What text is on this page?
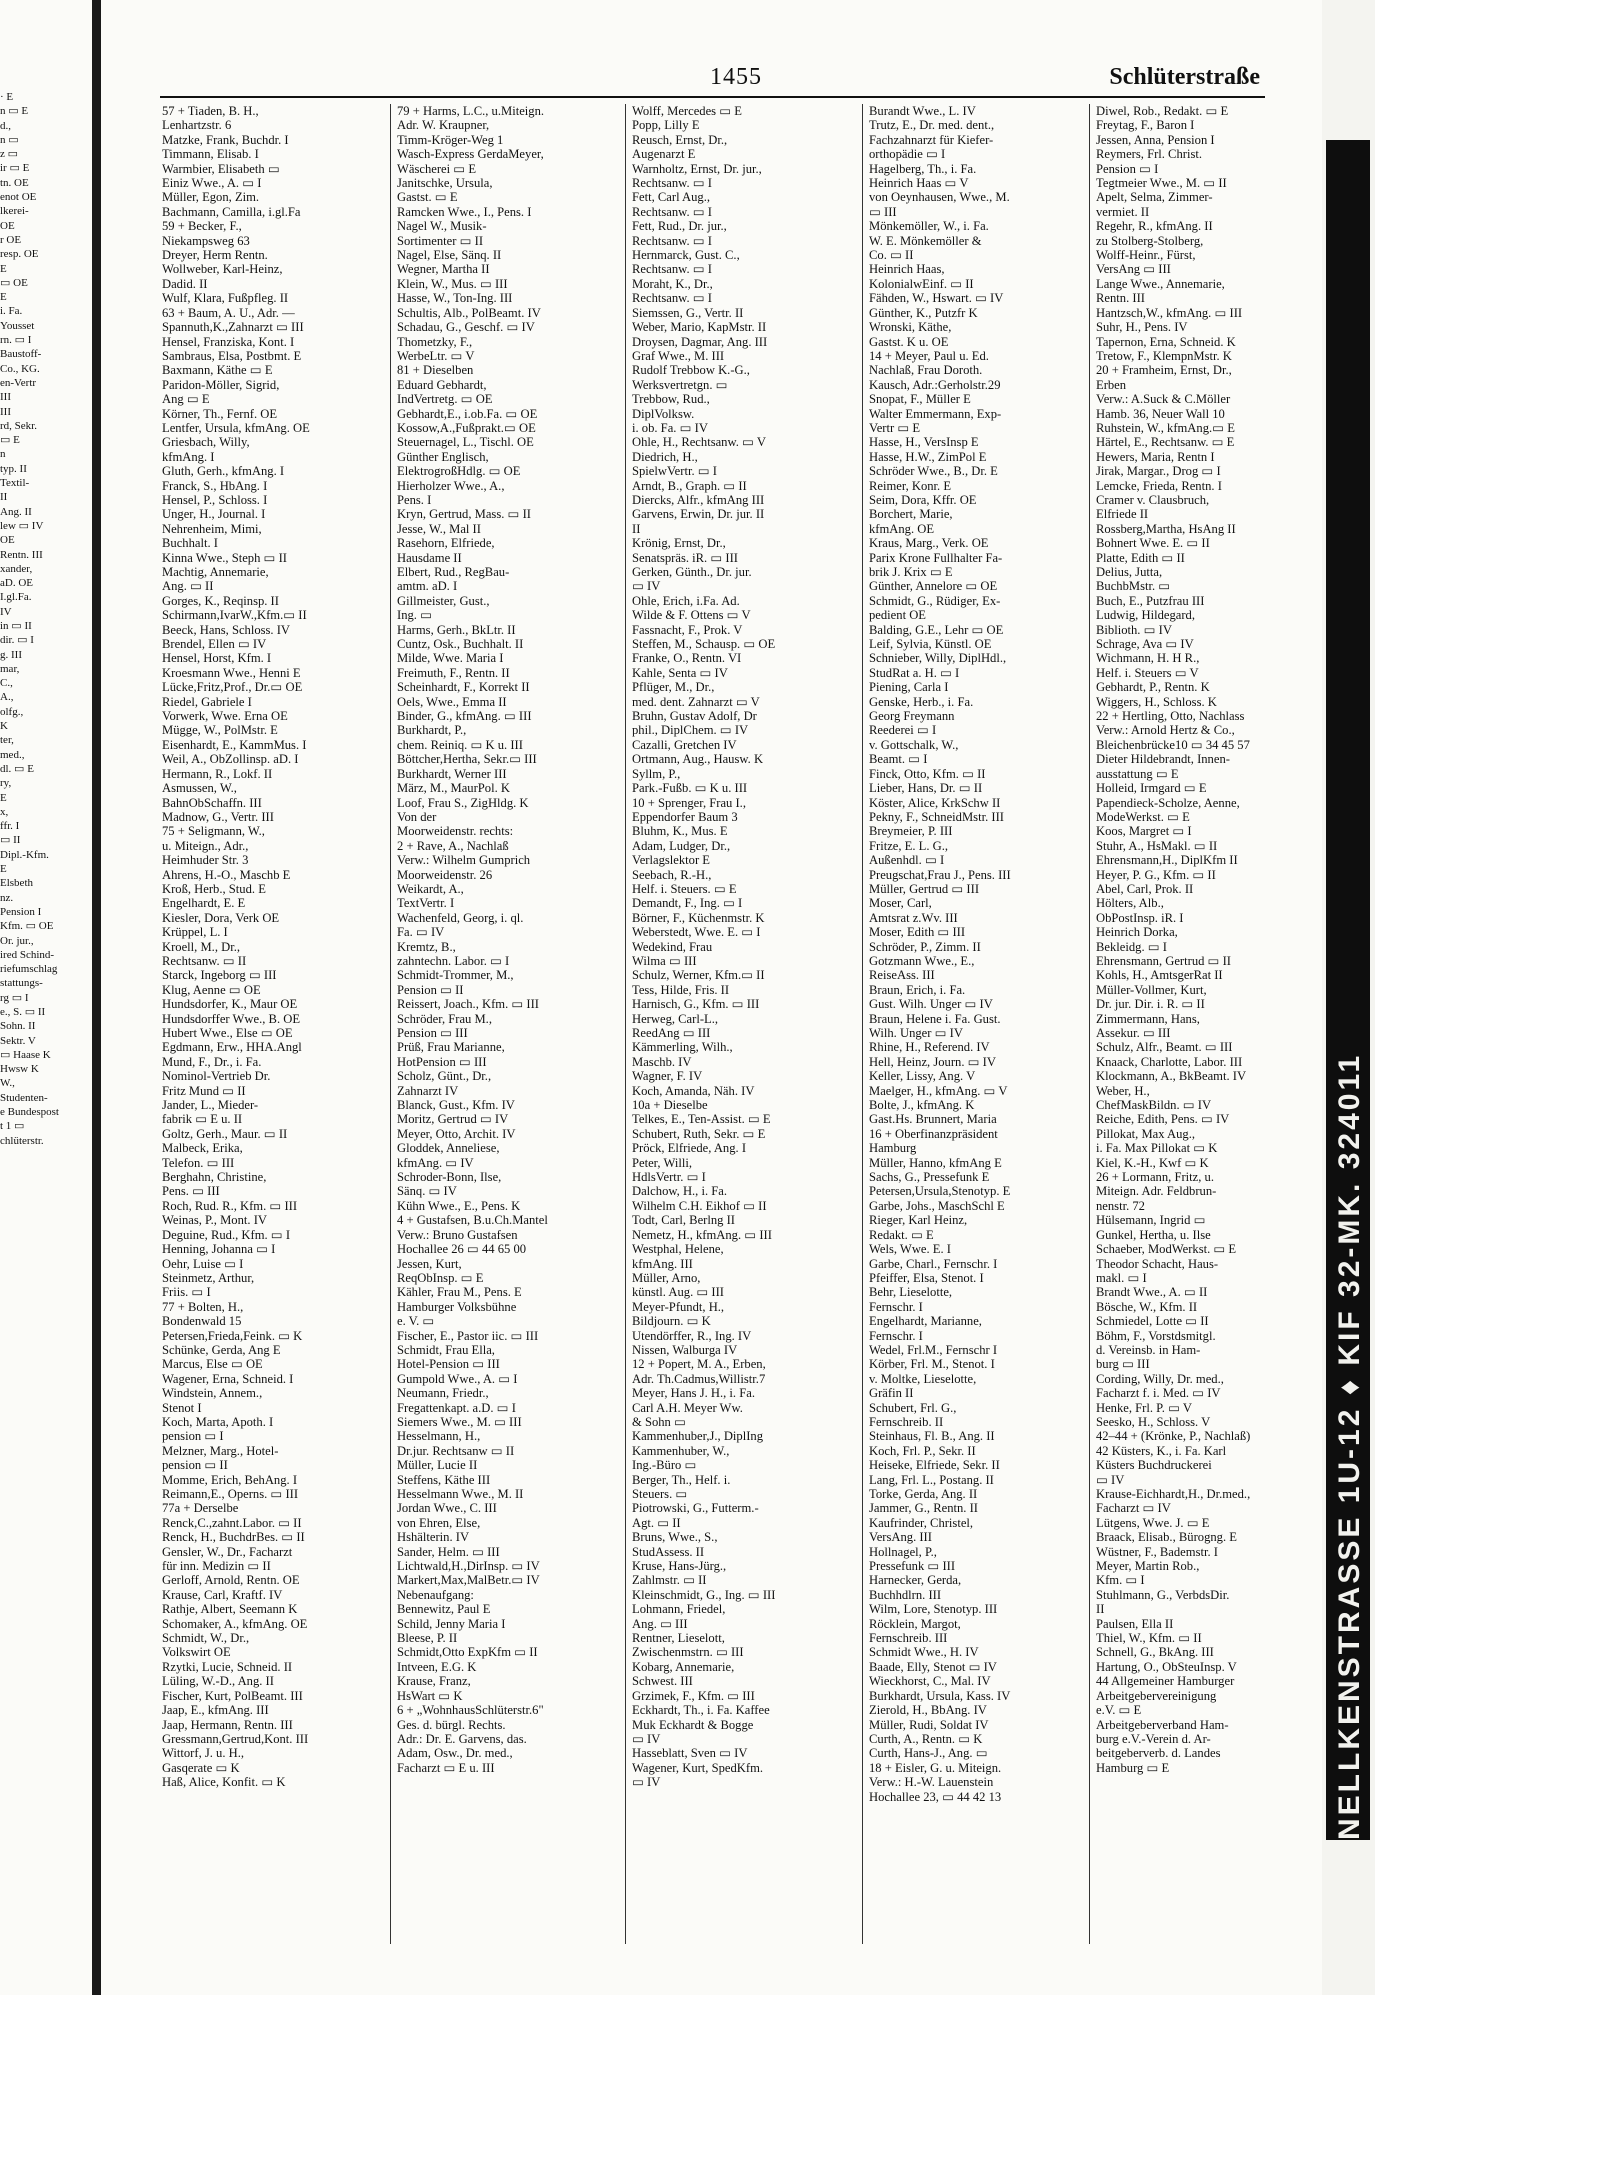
· E
n ▭ E
d.,
n ▭
z ▭
ir ▭ E
tn. OE
enot OE
lkerei-
OE
r OE
resp. OE
E
▭ OE
E
i. Fa.
Yousset
rn. ▭ I
Baustoff-
Co., KG.
en-Vertr
III
III
rd, Sekr.
▭ E
n
typ. II
Textil-
II
Ang. II
lew ▭ IV
OE
Rentn. III
xander,
aD. OE
I.gl.Fa.
IV
in ▭ II
dir. ▭ I
g. III
mar,
C.,
A.,
olfg.,
K
ter,
med.,
dl. ▭ E
ry,
E
x,
ffr. I
▭ II
Dipl.-Kfm.
E
Elsbeth
nz.
Pension I
Kfm. ▭ OE
Or. jur.,
ired Schind-
riefumschlag
stattungs-
rg ▭ I
e., S. ▭ II
Sohn. II
Sektr. V
▭ Haase K
Hwsw K
W.,
Studenten-
e Bundespost
t 1 ▭
chlüterstr.
1455	Schlüterstraße
57 + Tiaden, B. H.,
Lenhartzstr. 6
Matzke, Frank, Buchdr. I
Timmann, Elisab. I
Warmbier, Elisabeth ▭
Einiz Wwe., A. ▭ I
Müller, Egon, Zim.
Bachmann, Camilla, i.gl.Fa
59 + Becker, F.,
Niekampsweg 63
Dreyer, Herm Rentn.
Wollweber, Karl-Heinz,
Dadid. II
Wulf, Klara, Fußpfleg. II
63 + Baum, A. U., Adr. —
Spannuth,K.,Zahnarzt ▭ III
Hensel, Franziska, Kont. I
Sambraus, Elsa, Postbmt. E
Baxmann, Käthe ▭ E
Paridon-Möller, Sigrid,
Ang ▭ E
Körner, Th., Fernf. OE
Lentfer, Ursula, kfmAng. OE
Griesbach, Willy,
kfmAng. I
Gluth, Gerh., kfmAng. I
Franck, S., HbAng. I
Hensel, P., Schloss. I
Unger, H., Journal. I
Nehrenheim, Mimi,
Buchhalt. I
Kinna Wwe., Steph ▭ II
Machtig, Annemarie,
Ang. ▭ II
Gorges, K., Reqinsp. II
Schirmann,IvarW.,Kfm.▭ II
Beeck, Hans, Schloss. IV
Brendel, Ellen ▭ IV
Hensel, Horst, Kfm. I
Kroesmann Wwe., Henni E
Lücke,Fritz,Prof., Dr.▭ OE
Riedel, Gabriele I
Vorwerk, Wwe. Erna OE
Mügge, W., PolMstr. E
Eisenhardt, E., KammMus. I
Weil, A., ObZollinsp. aD. I
Hermann, R., Lokf. II
Asmussen, W.,
BahnObSchaffn. III
Madnow, G., Vertr. III
75 + Seligmann, W.,
u. Miteign., Adr.,
Heimhuder Str. 3
Ahrens, H.-O., Maschb E
Kroß, Herb., Stud. E
Engelhardt, E. E
Kiesler, Dora, Verk OE
Krüppel, L. I
Kroell, M., Dr.,
Rechtsanw. ▭ II
Starck, Ingeborg ▭ III
Klug, Aenne ▭ OE
Hundsdorfer, K., Maur OE
Hundsdorffer Wwe., B. OE
Hubert Wwe., Else ▭ OE
Egdmann, Erw., HHA.Angl
Mund, F., Dr., i. Fa.
Nominol-Vertrieb Dr.
Fritz Mund ▭ II
Jander, L., Mieder-
fabrik ▭ E u. II
Goltz, Gerh., Maur. ▭ II
Malbeck, Erika,
Telefon. ▭ III
Berghahn, Christine,
Pens. ▭ III
Roch, Rud. R., Kfm. ▭ III
Weinas, P., Mont. IV
Deguine, Rud., Kfm. ▭ I
Henning, Johanna ▭ I
Oehr, Luise ▭ I
Steinmetz, Arthur,
Friis. ▭ I
77 + Bolten, H.,
Bondenwald 15
Petersen,Frieda,Feink. ▭ K
Schünke, Gerda, Ang E
Marcus, Else ▭ OE
Wagener, Erna, Schneid. I
Windstein, Annem.,
Stenot I
Koch, Marta, Apoth. I
pension ▭ I
Melzner, Marg., Hotel-
pension ▭ II
Momme, Erich, BehAng. I
Reimann,E., Operns. ▭ III
77a + Derselbe
Renck,C.,zahnt.Labor. ▭ II
Renck, H., BuchdrBes. ▭ II
Gensler, W., Dr., Facharzt
für inn. Medizin ▭ II
Gerloff, Arnold, Rentn. OE
Krause, Carl, Kraftf. IV
Rathje, Albert, Seemann K
Schomaker, A., kfmAng. OE
Schmidt, W., Dr.,
Volkswirt OE
Rzytki, Lucie, Schneid. II
Lüling, W.-D., Ang. II
Fischer, Kurt, PolBeamt. III
Jaap, E., kfmAng. III
Jaap, Hermann, Rentn. III
Gressmann,Gertrud,Kont. III
Wittorf, J. u. H.,
Gasqerate ▭ K
Haß, Alice, Konfit. ▭ K
79 + Harms, L.C., u.Miteign.
Adr. W. Kraupner,
Timm-Kröger-Weg 1
Wasch-Express GerdaMeyer,
Wäscherei ▭ E
Janitschke, Ursula,
Gastst. ▭ E
Ramcken Wwe., I., Pens. I
Nagel W., Musik-
Sortimenter ▭ II
Nagel, Else, Sänq. II
Wegner, Martha II
Klein, W., Mus. ▭ III
Hasse, W., Ton-Ing. III
Schultis, Alb., PolBeamt. IV
Schadau, G., Geschf. ▭ IV
Thometzky, F.,
WerbeLtr. ▭ V
81 + Dieselben
Eduard Gebhardt,
IndVertretg. ▭ OE
Gebhardt,E., i.ob.Fa. ▭ OE
Kossow,A.,Fußprakt.▭ OE
Steuernagel, L., Tischl. OE
Günther Englisch,
ElektrogroßHdlg. ▭ OE
Hierholzer Wwe., A.,
Pens. I
Kryn, Gertrud, Mass. ▭ II
Jesse, W., Mal II
Rasehorn, Elfriede,
Hausdame II
Elbert, Rud., RegBau-
amtm. aD. I
Gillmeister, Gust.,
Ing. ▭
Harms, Gerh., BkLtr. II
Cuntz, Osk., Buchhalt. II
Milde, Wwe. Maria I
Freimuth, F., Rentn. II
Scheinhardt, F., Korrekt II
Oels, Wwe., Emma II
Binder, G., kfmAng. ▭ III
Burkhardt, P.,
chem. Reiniq. ▭ K u. III
Böttcher,Hertha, Sekr.▭ III
Burkhardt, Werner III
März, M., MaurPol. K
Loof, Frau S., ZigHldg. K
Von der
Moorweidenstr. rechts:
2 + Rave, A., Nachlaß
Verw.: Wilhelm Gumprich
Moorweidenstr. 26
Weikardt, A.,
TextVertr. I
Wachenfeld, Georg, i. ql.
Fa. ▭ IV
Kremtz, B.,
zahntechn. Labor. ▭ I
Schmidt-Trommer, M.,
Pension ▭ II
Reissert, Joach., Kfm. ▭ III
Schröder, Frau M.,
Pension ▭ III
Prüß, Frau Marianne,
HotPension ▭ III
Scholz, Günt., Dr.,
Zahnarzt IV
Blanck, Gust., Kfm. IV
Moritz, Gertrud ▭ IV
Meyer, Otto, Archit. IV
Gloddek, Anneliese,
kfmAng. ▭ IV
Schroder-Bonn, Ilse,
Sänq. ▭ IV
Kühn Wwe., E., Pens. K
4 + Gustafsen, B.u.Ch.Mantel
Verw.: Bruno Gustafsen
Hochallee 26 ▭ 44 65 00
Jessen, Kurt,
ReqObInsp. ▭ E
Kähler, Frau M., Pens. E
Hamburger Volksbühne
e. V. ▭
Fischer, E., Pastor iic. ▭ III
Schmidt, Frau Ella,
Hotel-Pension ▭ III
Gumpold Wwe., A. ▭ I
Neumann, Friedr.,
Fregattenkapt. a.D. ▭ I
Siemers Wwe., M. ▭ III
Hesselmann, H.,
Dr.jur. Rechtsanw ▭ II
Müller, Lucie II
Steffens, Käthe III
Hesselmann Wwe., M. II
Jordan Wwe., C. III
von Ehren, Else,
Hshälterin. IV
Sander, Helm. ▭ III
Lichtwald,H.,DirInsp. ▭ IV
Markert,Max,MalBetr.▭ IV
Nebenaufgang:
Bennewitz, Paul E
Schild, Jenny Maria I
Bleese, P. II
Schmidt,Otto ExpKfm ▭ II
Intveen, E.G. K
Krause, Franz,
HsWart ▭ K
6 + „WohnhausSchlüterstr.6"
Ges. d. bürgl. Rechts.
Adr.: Dr. E. Garvens, das.
Adam, Osw., Dr. med.,
Facharzt ▭ E u. III
Wolff, Mercedes ▭ E
Popp, Lilly E
Reusch, Ernst, Dr.,
Augenarzt E
Warnholtz, Ernst, Dr. jur.,
Rechtsanw. ▭ I
Fett, Carl Aug.,
Rechtsanw. ▭ I
Fett, Rud., Dr. jur.,
Rechtsanw. ▭ I
Hernmarck, Gust. C.,
Rechtsanw. ▭ I
Moraht, K., Dr.,
Rechtsanw. ▭ I
Siemssen, G., Vertr. II
Weber, Mario, KapMstr. II
Droysen, Dagmar, Ang. III
Graf Wwe., M. III
Rudolf Trebbow K.-G.,
Werksvertretgn. ▭
Trebbow, Rud.,
DiplVolksw.
i. ob. Fa. ▭ IV
Ohle, H., Rechtsanw. ▭ V
Diedrich, H.,
SpielwVertr. ▭ I
Arndt, B., Graph. ▭ II
Diercks, Alfr., kfmAng III
Garvens, Erwin, Dr. jur. II
II
Krönig, Ernst, Dr.,
Senatspräs. iR. ▭ III
Gerken, Günth., Dr. jur.
▭ IV
Ohle, Erich, i.Fa. Ad.
Wilde & F. Ottens ▭ V
Fassnacht, F., Prok. V
Steffen, M., Schausp. ▭ OE
Franke, O., Rentn. VI
Kahle, Senta ▭ IV
Pflüger, M., Dr.,
med. dent. Zahnarzt ▭ V
Bruhn, Gustav Adolf, Dr
phil., DiplChem. ▭ IV
Cazalli, Gretchen IV
Ortmann, Aug., Hausw. K
Syllm, P.,
Park.-Fußb. ▭ K u. III
10 + Sprenger, Frau I.,
Eppendorfer Baum 3
Bluhm, K., Mus. E
Adam, Ludger, Dr.,
Verlagslektor E
Seebach, R.-H.,
Helf. i. Steuers. ▭ E
Demandt, F., Ing. ▭ I
Börner, F., Küchenmstr. K
Weberstedt, Wwe. E. ▭ I
Wedekind, Frau
Wilma ▭ III
Schulz, Werner, Kfm.▭ II
Tess, Hilde, Fris. II
Harnisch, G., Kfm. ▭ III
Herweg, Carl-L.,
ReedAng ▭ III
Kämmerling, Wilh.,
Maschb. IV
Wagner, F. IV
Koch, Amanda, Näh. IV
10a + Dieselbe
Telkes, E., Ten-Assist. ▭ E
Schubert, Ruth, Sekr. ▭ E
Pröck, Elfriede, Ang. I
Peter, Willi,
HdlsVertr. ▭ I
Dalchow, H., i. Fa.
Wilhelm C.H. Eikhof ▭ II
Todt, Carl, Berlng II
Nemetz, H., kfmAng. ▭ III
Westphal, Helene,
kfmAng. III
Müller, Arno,
künstl. Aug. ▭ III
Meyer-Pfundt, H.,
Bildjourn. ▭ K
Utendörffer, R., Ing. IV
Nissen, Walburga IV
12 + Popert, M. A., Erben,
Adr. Th.Cadmus,Willistr.7
Meyer, Hans J. H., i. Fa.
Carl A.H. Meyer Ww.
& Sohn ▭
Kammenhuber,J., DiplIng
Kammenhuber, W.,
Ing.-Büro ▭
Berger, Th., Helf. i.
Steuers. ▭
Piotrowski, G., Futterm.-
Agt. ▭ II
Bruns, Wwe., S.,
StudAssess. II
Kruse, Hans-Jürg.,
Zahlmstr. ▭ II
Kleinschmidt, G., Ing. ▭ III
Lohmann, Friedel,
Ang. ▭ III
Rentner, Lieselott,
Zwischenmstrn. ▭ III
Kobarg, Annemarie,
Schwest. III
Grzimek, F., Kfm. ▭ III
Eckhardt, Th., i. Fa. Kaffee
Muk Eckhardt & Bogge
▭ IV
Hasseblatt, Sven ▭ IV
Wagener, Kurt, SpedKfm.
▭ IV
Burandt Wwe., L. IV
Trutz, E., Dr. med. dent.,
Fachzahnarzt für Kiefer-
orthopädie ▭ I
Hagelberg, Th., i. Fa.
Heinrich Haas ▭ V
von Oeynhausen, Wwe., M.
▭ III
Mönkemöller, W., i. Fa.
W. E. Mönkemöller &
Co. ▭ II
Heinrich Haas,
KolonialwEinf. ▭ II
Fähden, W., Hswart. ▭ IV
Günther, K., Putzfr K
Wronski, Käthe,
Gastst. K u. OE
14 + Meyer, Paul u. Ed.
Nachlaß, Frau Doroth.
Kausch, Adr.:Gerholstr.29
Snopat, F., Müller E
Walter Emmermann, Exp-
Vertr ▭ E
Hasse, H., VersInsp E
Hasse, H.W., ZimPol E
Schröder Wwe., B., Dr. E
Reimer, Konr. E
Seim, Dora, Kffr. OE
Borchert, Marie,
kfmAng. OE
Kraus, Marg., Verk. OE
Parix Krone Fullhalter Fa-
brik J. Krix ▭ E
Günther, Annelore ▭ OE
Schmidt, G., Rüdiger, Ex-
pedient OE
Balding, G.E., Lehr ▭ OE
Leif, Sylvia, Künstl. OE
Schnieber, Willy, DiplHdl.,
StudRat a. H. ▭ I
Piening, Carla I
Genske, Herb., i. Fa.
Georg Freymann
Reederei ▭ I
v. Gottschalk, W.,
Beamt. ▭ I
Finck, Otto, Kfm. ▭ II
Lieber, Hans, Dr. ▭ II
Köster, Alice, KrkSchw II
Pekny, F., SchneidMstr. III
Breymeier, P. III
Fritze, E. L. G.,
Außenhdl. ▭ I
Preugschat,Frau J., Pens. III
Müller, Gertrud ▭ III
Moser, Carl,
Amtsrat z.Wv. III
Moser, Edith ▭ III
Schröder, P., Zimm. II
Gotzmann Wwe., E.,
ReiseAss. III
Braun, Erich, i. Fa.
Gust. Wilh. Unger ▭ IV
Braun, Helene i. Fa. Gust.
Wilh. Unger ▭ IV
Rhine, H., Referend. IV
Hell, Heinz, Journ. ▭ IV
Keller, Lissy, Ang. V
Maelger, H., kfmAng. ▭ V
Bolte, J., kfmAng. K
Gast.Hs. Brunnert, Maria
16 + Oberfinanzpräsident
Hamburg
Müller, Hanno, kfmAng E
Sachs, G., Pressefunk E
Petersen,Ursula,Stenotyp. E
Garbe, Johs., MaschSchl E
Rieger, Karl Heinz,
Redakt. ▭ E
Wels, Wwe. E. I
Garbe, Charl., Fernschr. I
Pfeiffer, Elsa, Stenot. I
Behr, Lieselotte,
Fernschr. I
Engelhardt, Marianne,
Fernschr. I
Wedel, Frl.M., Fernschr I
Körber, Frl. M., Stenot. I
v. Moltke, Lieselotte,
Gräfin II
Schubert, Frl. G.,
Fernschreib. II
Steinhaus, Fl. B., Ang. II
Koch, Frl. P., Sekr. II
Heiseke, Elfriede, Sekr. II
Lang, Frl. L., Postang. II
Torke, Gerda, Ang. II
Jammer, G., Rentn. II
Kaufrinder, Christel,
VersAng. III
Hollnagel, P.,
Pressefunk ▭ III
Harnecker, Gerda,
Buchhdlrn. III
Wilm, Lore, Stenotyp. III
Röcklein, Margot,
Fernschreib. III
Schmidt Wwe., H. IV
Baade, Elly, Stenot ▭ IV
Wieckhorst, C., Mal. IV
Burkhardt, Ursula, Kass. IV
Zierold, H., BbAng. IV
Müller, Rudi, Soldat IV
Curth, A., Rentn. ▭ K
Curth, Hans-J., Ang. ▭
18 + Eisler, G. u. Miteign.
Verw.: H.-W. Lauenstein
Hochallee 23, ▭ 44 42 13
Diwel, Rob., Redakt. ▭ E
Freytag, F., Baron I
Jessen, Anna, Pension I
Reymers, Frl. Christ.
Pension ▭ I
Tegtmeier Wwe., M. ▭ II
Apelt, Selma, Zimmer-
vermiet. II
Regehr, R., kfmAng. II
zu Stolberg-Stolberg,
Wolff-Heinr., Fürst,
VersAng ▭ III
Lange Wwe., Annemarie,
Rentn. III
Hantzsch,W., kfmAng. ▭ III
Suhr, H., Pens. IV
Tapernon, Erna, Schneid. K
Tretow, F., KlempnMstr. K
20 + Framheim, Ernst, Dr.,
Erben
Verw.: A.Suck & C.Möller
Hamb. 36, Neuer Wall 10
Ruhstein, W., kfmAng.▭ E
Härtel, E., Rechtsanw. ▭ E
Hewers, Maria, Rentn I
Jirak, Margar., Drog ▭ I
Lemcke, Frieda, Rentn. I
Cramer v. Clausbruch,
Elfriede II
Rossberg,Martha, HsAng II
Bohnert Wwe. E. ▭ II
Platte, Edith ▭ II
Delius, Jutta,
BuchbMstr. ▭
Buch, E., Putzfrau III
Ludwig, Hildegard,
Biblioth. ▭ IV
Schrage, Ava ▭ IV
Wichmann, H. H R.,
Helf. i. Steuers ▭ V
Gebhardt, P., Rentn. K
Wiggers, H., Schloss. K
22 + Hertling, Otto, Nachlass
Verw.: Arnold Hertz & Co.,
Bleichenbrücke10 ▭ 34 45 57
Dieter Hildebrandt, Innen-
ausstattung ▭ E
Holleid, Irmgard ▭ E
Papendieck-Scholze, Aenne,
ModeWerkst. ▭ E
Koos, Margret ▭ I
Stuhr, A., HsMakl. ▭ II
Ehrensmann,H., DiplKfm II
Heyer, P. G., Kfm. ▭ II
Abel, Carl, Prok. II
Hölters, Alb.,
ObPostInsp. iR. I
Heinrich Dorka,
Bekleidg. ▭ I
Ehrensmann, Gertrud ▭ II
Kohls, H., AmtsgerRat II
Müller-Vollmer, Kurt,
Dr. jur. Dir. i. R. ▭ II
Zimmermann, Hans,
Assekur. ▭ III
Schulz, Alfr., Beamt. ▭ III
Knaack, Charlotte, Labor. III
Klockmann, A., BkBeamt. IV
Weber, H.,
ChefMaskBildn. ▭ IV
Reiche, Edith, Pens. ▭ IV
Pillokat, Max Aug.,
i. Fa. Max Pillokat ▭ K
Kiel, K.-H., Kwf ▭ K
26 + Lormann, Fritz, u.
Miteign. Adr. Feldbrun-
nenstr. 72
Hülsemann, Ingrid ▭
Gunkel, Hertha, u. Ilse
Schaeber, ModWerkst. ▭ E
Theodor Schacht, Haus-
makl. ▭ I
Brandt Wwe., A. ▭ II
Bösche, W., Kfm. II
Schmiedel, Lotte ▭ II
Böhm, F., Vorstdsmitgl.
d. Vereinsb. in Ham-
burg ▭ III
Cording, Willy, Dr. med.,
Facharzt f. i. Med. ▭ IV
Henke, Frl. P. ▭ V
Seesko, H., Schloss. V
42–44 + (Krönke, P., Nachlaß)
42 Küsters, K., i. Fa. Karl
Küsters Buchdruckerei
▭ IV
Krause-Eichhardt,H., Dr.med.,
Facharzt ▭ IV
Lütgens, Wwe. J. ▭ E
Braack, Elisab., Bürogng. E
Wüstner, F., Bademstr. I
Meyer, Martin Rob.,
Kfm. ▭ I
Stuhlmann, G., VerbdsDir.
II
Paulsen, Ella II
Thiel, W., Kfm. ▭ II
Schnell, G., BkAng. III
Hartung, O., ObSteuInsp. V
44 Allgemeiner Hamburger
Arbeitgebervereinigung
e.V. ▭ E
Arbeitgeberverband Ham-
burg e.V.-Verein d. Ar-
beitgeberverb. d. Landes
Hamburg ▭ E	NELLKENSTRASSE 1U-12 ♦ KIF 32-MK. 324011
